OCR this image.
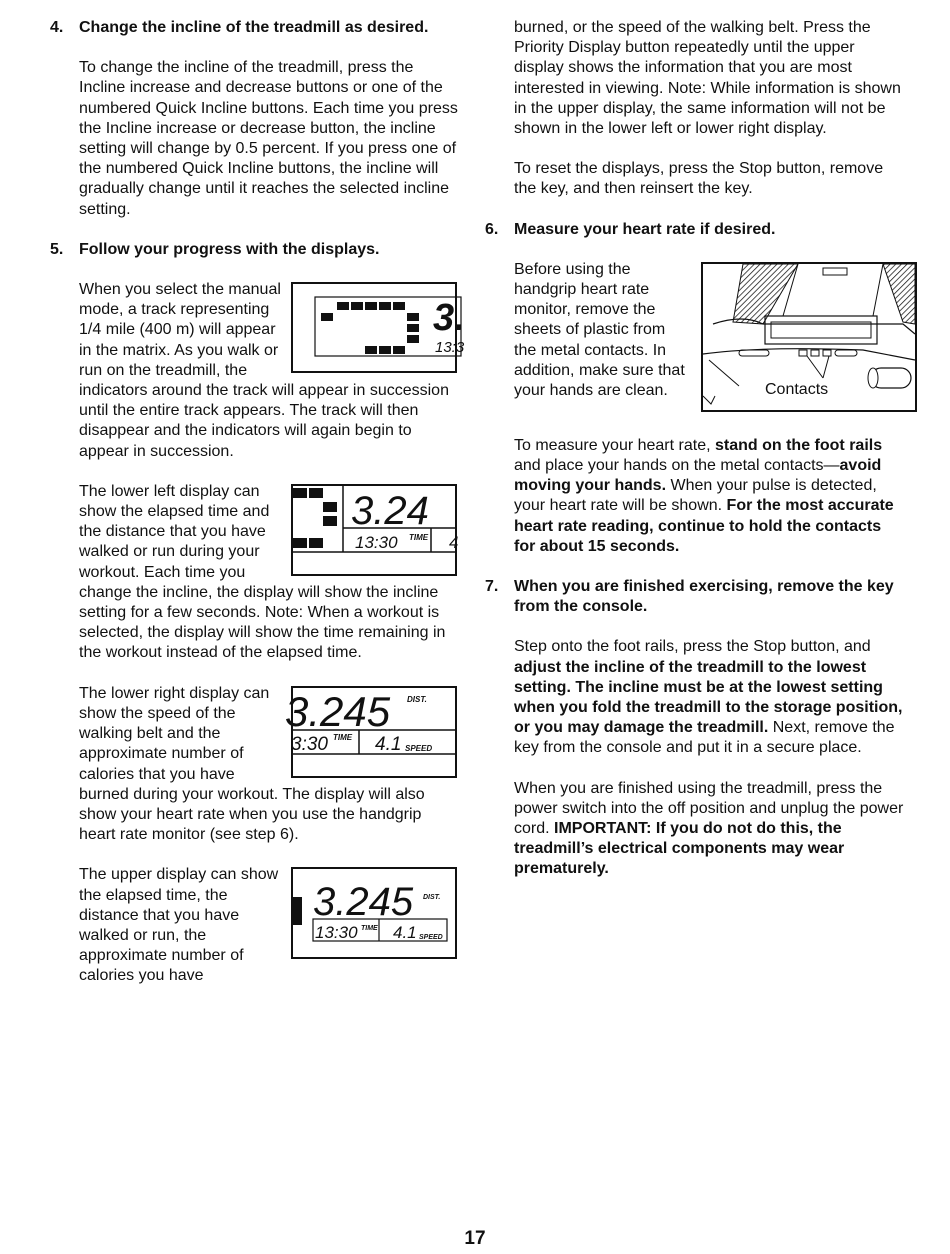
4. Change the incline of the treadmill as desired.

To change the incline of the treadmill, press the Incline increase and decrease buttons or one of the numbered Quick Incline buttons. Each time you press the Incline increase or decrease button, the incline setting will change by 0.5 percent. If you press one of the numbered Quick Incline buttons, the incline will gradually change until it reaches the selected incline setting.

5. Follow your progress with the displays.

3.
13:3

When you select the manual mode, a track representing 1/4 mile (400 m) will appear in the matrix. As you walk or run on the treadmill, the indicators around the track will appear in succession until the entire track appears. The track will then disappear and the indicators will again begin to appear in succession.

3.24
13:30 TIME 4

The lower left display can show the elapsed time and the distance that you have walked or run during your workout. Each time you change the incline, the display will show the incline setting for a few seconds. Note: When a workout is selected, the display will show the time remaining in the workout instead of the elapsed time.

3.245 DIST.
3:30 TIME 4.1 SPEED

The lower right display can show the speed of the walking belt and the approximate number of calories that you have burned during your workout. The display will also show your heart rate when you use the handgrip heart rate monitor (see step 6).

3.245 DIST.
13:30 TIME 4.1 SPEED

The upper display can show the elapsed time, the distance that you have walked or run, the approximate number of calories you have

burned, or the speed of the walking belt. Press the Priority Display button repeatedly until the upper display shows the information that you are most interested in viewing. Note: While information is shown in the upper display, the same information will not be shown in the lower left or lower right display.

To reset the displays, press the Stop button, remove the key, and then reinsert the key.

6. Measure your heart rate if desired.

Contacts

Before using the handgrip heart rate monitor, remove the sheets of plastic from the metal contacts. In addition, make sure that your hands are clean.

To measure your heart rate, stand on the foot rails and place your hands on the metal contacts—avoid moving your hands. When your pulse is detected, your heart rate will be shown. For the most accurate heart rate reading, continue to hold the contacts for about 15 seconds.

7. When you are finished exercising, remove the key from the console.

Step onto the foot rails, press the Stop button, and adjust the incline of the treadmill to the lowest setting. The incline must be at the lowest setting when you fold the treadmill to the storage position, or you may damage the treadmill. Next, remove the key from the console and put it in a secure place.

When you are finished using the treadmill, press the power switch into the off position and unplug the power cord. IMPORTANT: If you do not do this, the treadmill’s electrical components may wear prematurely.

17
